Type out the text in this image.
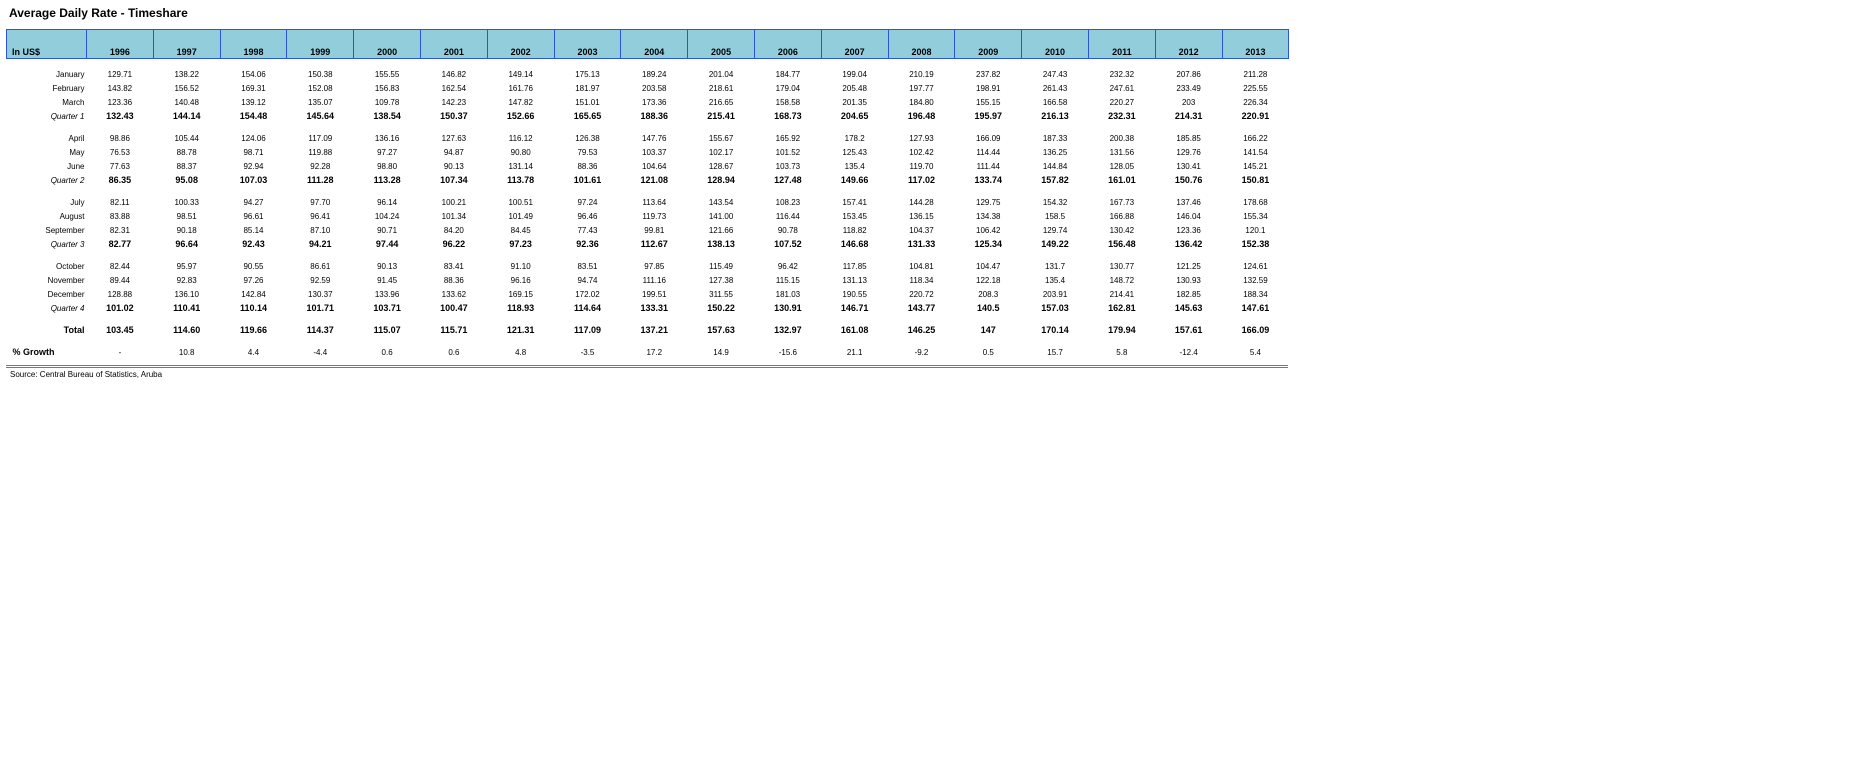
Average Daily Rate - Timeshare
In US$	1996	1997	1998	1999	2000	2001	2002	2003	2004	2005	2006	2007	2008	2009	2010	2011	2012	2013

January	129.71	138.22	154.06	150.38	155.55	146.82	149.14	175.13	189.24	201.04	184.77	199.04	210.19	237.82	247.43	232.32	207.86	211.28
February	143.82	156.52	169.31	152.08	156.83	162.54	161.76	181.97	203.58	218.61	179.04	205.48	197.77	198.91	261.43	247.61	233.49	225.55
March	123.36	140.48	139.12	135.07	109.78	142.23	147.82	151.01	173.36	216.65	158.58	201.35	184.80	155.15	166.58	220.27	203	226.34
Quarter 1	132.43	144.14	154.48	145.64	138.54	150.37	152.66	165.65	188.36	215.41	168.73	204.65	196.48	195.97	216.13	232.31	214.31	220.91

April	98.86	105.44	124.06	117.09	136.16	127.63	116.12	126.38	147.76	155.67	165.92	178.2	127.93	166.09	187.33	200.38	185.85	166.22
May	76.53	88.78	98.71	119.88	97.27	94.87	90.80	79.53	103.37	102.17	101.52	125.43	102.42	114.44	136.25	131.56	129.76	141.54
June	77.63	88.37	92.94	92.28	98.80	90.13	131.14	88.36	104.64	128.67	103.73	135.4	119.70	111.44	144.84	128.05	130.41	145.21
Quarter 2	86.35	95.08	107.03	111.28	113.28	107.34	113.78	101.61	121.08	128.94	127.48	149.66	117.02	133.74	157.82	161.01	150.76	150.81

July	82.11	100.33	94.27	97.70	96.14	100.21	100.51	97.24	113.64	143.54	108.23	157.41	144.28	129.75	154.32	167.73	137.46	178.68
August	83.88	98.51	96.61	96.41	104.24	101.34	101.49	96.46	119.73	141.00	116.44	153.45	136.15	134.38	158.5	166.88	146.04	155.34
September	82.31	90.18	85.14	87.10	90.71	84.20	84.45	77.43	99.81	121.66	90.78	118.82	104.37	106.42	129.74	130.42	123.36	120.1
Quarter 3	82.77	96.64	92.43	94.21	97.44	96.22	97.23	92.36	112.67	138.13	107.52	146.68	131.33	125.34	149.22	156.48	136.42	152.38

October	82.44	95.97	90.55	86.61	90.13	83.41	91.10	83.51	97.85	115.49	96.42	117.85	104.81	104.47	131.7	130.77	121.25	124.61
November	89.44	92.83	97.26	92.59	91.45	88.36	96.16	94.74	111.16	127.38	115.15	131.13	118.34	122.18	135.4	148.72	130.93	132.59
December	128.88	136.10	142.84	130.37	133.96	133.62	169.15	172.02	199.51	311.55	181.03	190.55	220.72	208.3	203.91	214.41	182.85	188.34
Quarter 4	101.02	110.41	110.14	101.71	103.71	100.47	118.93	114.64	133.31	150.22	130.91	146.71	143.77	140.5	157.03	162.81	145.63	147.61

Total	103.45	114.60	119.66	114.37	115.07	115.71	121.31	117.09	137.21	157.63	132.97	161.08	146.25	147	170.14	179.94	157.61	166.09

% Growth	-	10.8	4.4	-4.4	0.6	0.6	4.8	-3.5	17.2	14.9	-15.6	21.1	-9.2	0.5	15.7	5.8	-12.4	5.4

Source: Central Bureau of Statistics, Aruba
